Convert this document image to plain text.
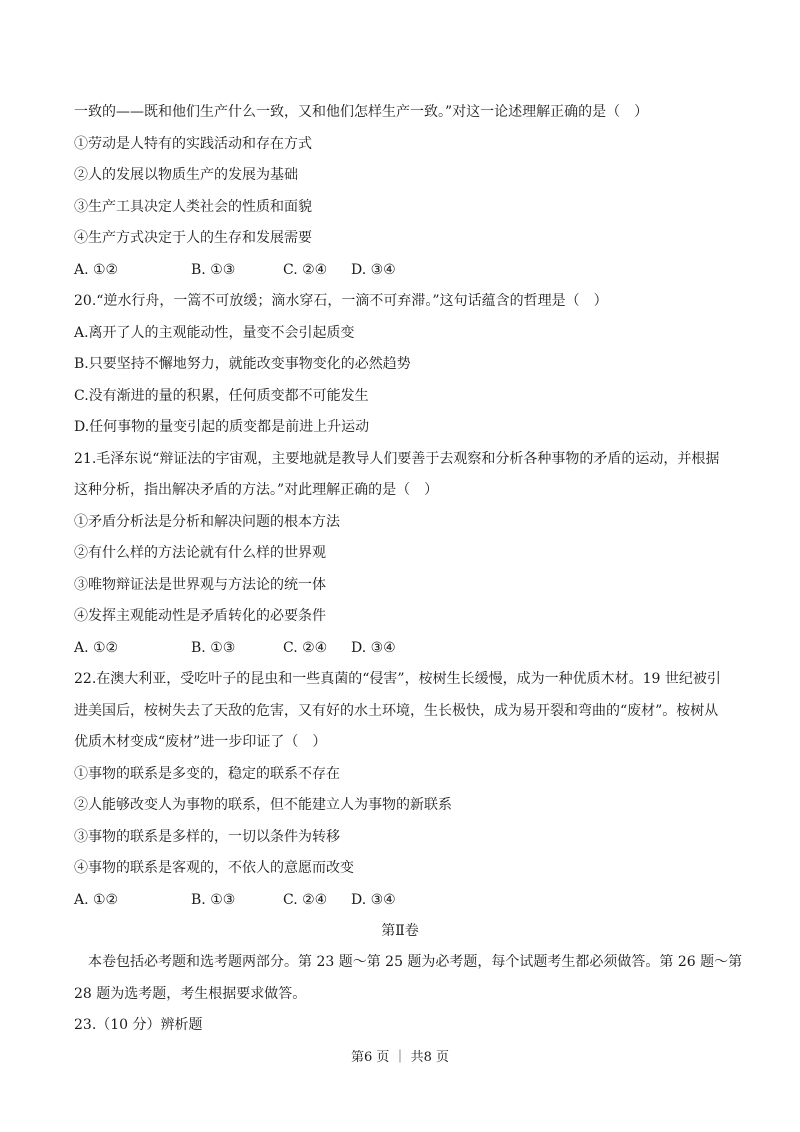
一致的——既和他们生产什么一致，又和他们怎样生产一致。”对这一论述理解正确的是（　）
①劳动是人特有的实践活动和存在方式
②人的发展以物质生产的发展为基础
③生产工具决定人类社会的性质和面貌
④生产方式决定于人的生存和发展需要
A. ①②	B. ①③	C. ②④ D. ③④
20.“逆水行舟，一篙不可放缓；滴水穿石，一滴不可弃滞。”这句话蕴含的哲理是（　）
A.离开了人的主观能动性，量变不会引起质变
B.只要坚持不懈地努力，就能改变事物变化的必然趋势
C.没有渐进的量的积累，任何质变都不可能发生
D.任何事物的量变引起的质变都是前进上升运动
21.毛泽东说“辩证法的宇宙观，主要地就是教导人们要善于去观察和分析各种事物的矛盾的运动，并根据
这种分析，指出解决矛盾的方法。”对此理解正确的是（　）
①矛盾分析法是分析和解决问题的根本方法
②有什么样的方法论就有什么样的世界观
③唯物辩证法是世界观与方法论的统一体
④发挥主观能动性是矛盾转化的必要条件
A. ①②	B. ①③	C. ②④ D. ③④
22.在澳大利亚，受吃叶子的昆虫和一些真菌的“侵害”，桉树生长缓慢，成为一种优质木材。19 世纪被引
进美国后，桉树失去了天敌的危害，又有好的水土环境，生长极快，成为易开裂和弯曲的“废材”。桉树从
优质木材变成“废材”进一步印证了（　）
①事物的联系是多变的，稳定的联系不存在
②人能够改变人为事物的联系，但不能建立人为事物的新联系
③事物的联系是多样的，一切以条件为转移
④事物的联系是客观的，不依人的意愿而改变
A. ①②	B. ①③	C. ②④ D. ③④
第Ⅱ卷
本卷包括必考题和选考题两部分。第 23 题～第 25 题为必考题，每个试题考生都必须做答。第 26 题～第
28 题为选考题，考生根据要求做答。
23.（10 分）辨析题
第6 页 ｜ 共8 页
